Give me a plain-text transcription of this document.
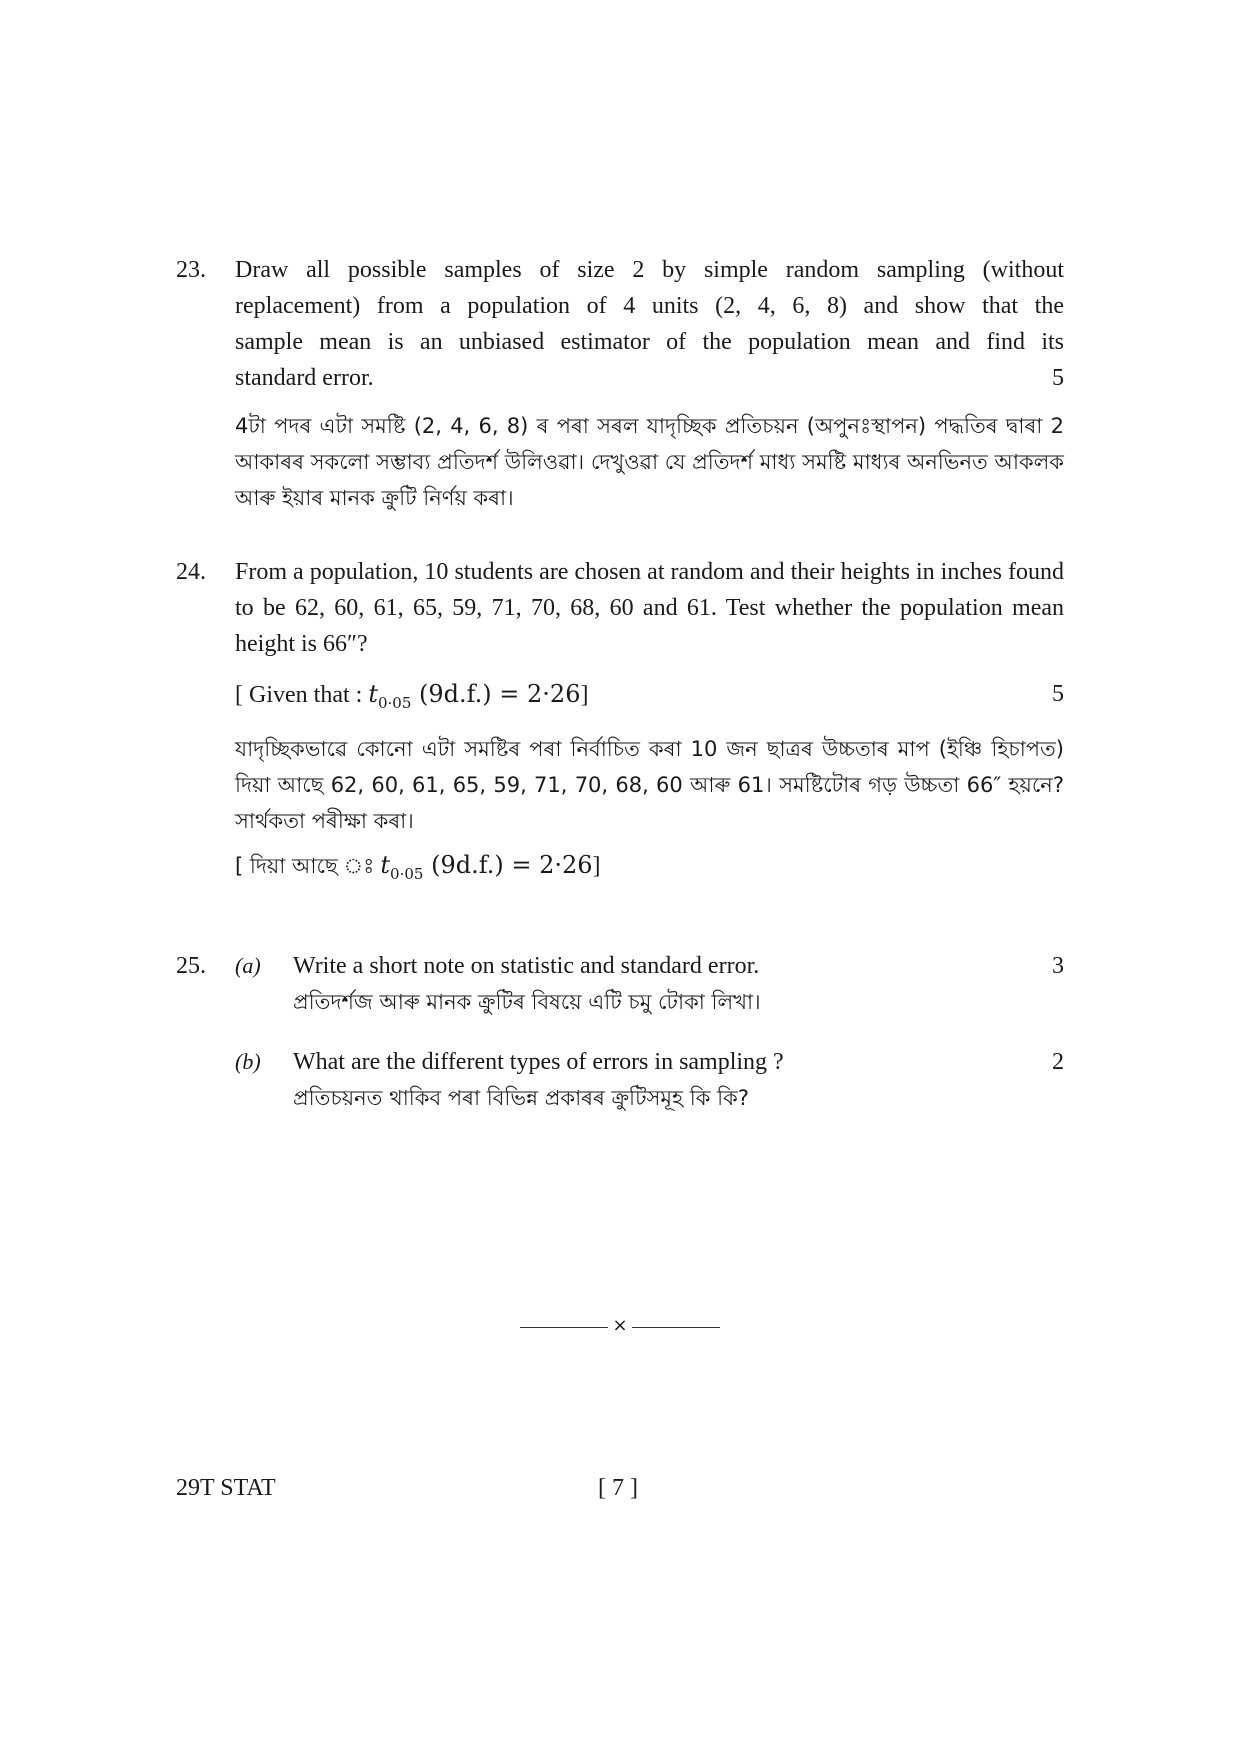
23. Draw all possible samples of size 2 by simple random sampling (without

replacement) from a population of 4 units (2, 4, 6, 8) and show that the

sample mean is an unbiased estimator of the population mean and find its

standard error.	5

4টা পদৰ এটা সমষ্টি (2, 4, 6, 8) ৰ পৰা সৰল যাদৃচ্ছিক প্ৰতিচয়ন (অপুনঃস্থাপন) পদ্ধতিৰ দ্বাৰা 2 আকাৰৰ সকলো সম্ভাব্য প্ৰতিদৰ্শ উলিওৱা। দেখুওৱা যে প্ৰতিদৰ্শ মাধ্য সমষ্টি মাধ্যৰ অনভিনত আকলক আৰু ইয়াৰ মানক ক্ৰুটি নিৰ্ণয় কৰা।

24. From a population, 10 students are chosen at random and their heights in inches found to be 62, 60, 61, 65, 59, 71, 70, 68, 60 and 61. Test whether the population mean height is 66″?

[ Given that : $t_{0\cdot 05}$ (9d.f.) = 2·26]	5

যাদৃচ্ছিকভাৱে কোনো এটা সমষ্টিৰ পৰা নিৰ্বাচিত কৰা 10 জন ছাত্ৰৰ উচ্চতাৰ মাপ (ইঞ্চি হিচাপত) দিয়া আছে 62, 60, 61, 65, 59, 71, 70, 68, 60 আৰু 61। সমষ্টিটোৰ গড় উচ্চতা 66″ হয়নে? সাৰ্থকতা পৰীক্ষা কৰা।

[ দিয়া আছে ঃ $t_{0\cdot 05}$ (9d.f.) = 2·26]
25. (a) Write a short note on statistic and standard error.	3

প্ৰতিদৰ্শজ আৰু মানক ক্ৰুটিৰ বিষয়ে এটি চমু টোকা লিখা।

(b) What are the different types of errors in sampling ?	2

প্ৰতিচয়নত থাকিব পৰা বিভিন্ন প্ৰকাৰৰ ক্ৰুটিসমূহ কি কি?

×
29T STAT	[ 7 ]
